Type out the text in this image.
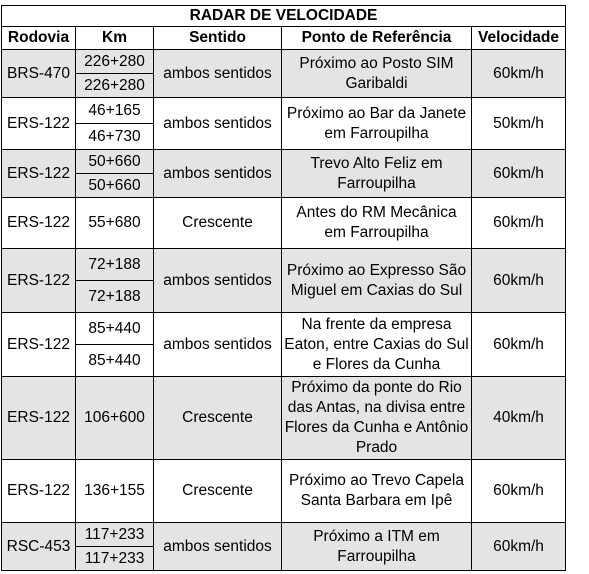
RADAR DE VELOCIDADE				
Rodovia	Km	Sentido	Ponto de Referência	Velocidade
BRS-470	226+280	ambos sentidos	Próximo ao Posto SIM Garibaldi	60km/h
	226+280			
ERS-122	46+165	ambos sentidos	Próximo ao Bar da Janete em Farroupilha	50km/h
	46+730			
ERS-122	50+660	ambos sentidos	Trevo Alto Feliz em Farroupilha	60km/h
	50+660			
ERS-122	55+680	Crescente	Antes do RM Mecânica em Farroupilha	60km/h
ERS-122	72+188	ambos sentidos	Próximo ao Expresso São Miguel em Caxias do Sul	60km/h
	72+188			
ERS-122	85+440	ambos sentidos	Na frente da empresa Eaton, entre Caxias do Sul e Flores da Cunha	60km/h
	85+440			
ERS-122	106+600	Crescente	Próximo da ponte do Rio das Antas, na divisa entre Flores da Cunha e Antônio Prado	40km/h
ERS-122	136+155	Crescente	Próximo ao Trevo Capela Santa Barbara em Ipê	60km/h
RSC-453	117+233	ambos sentidos	Próximo a ITM em Farroupilha	60km/h
	117+233			
